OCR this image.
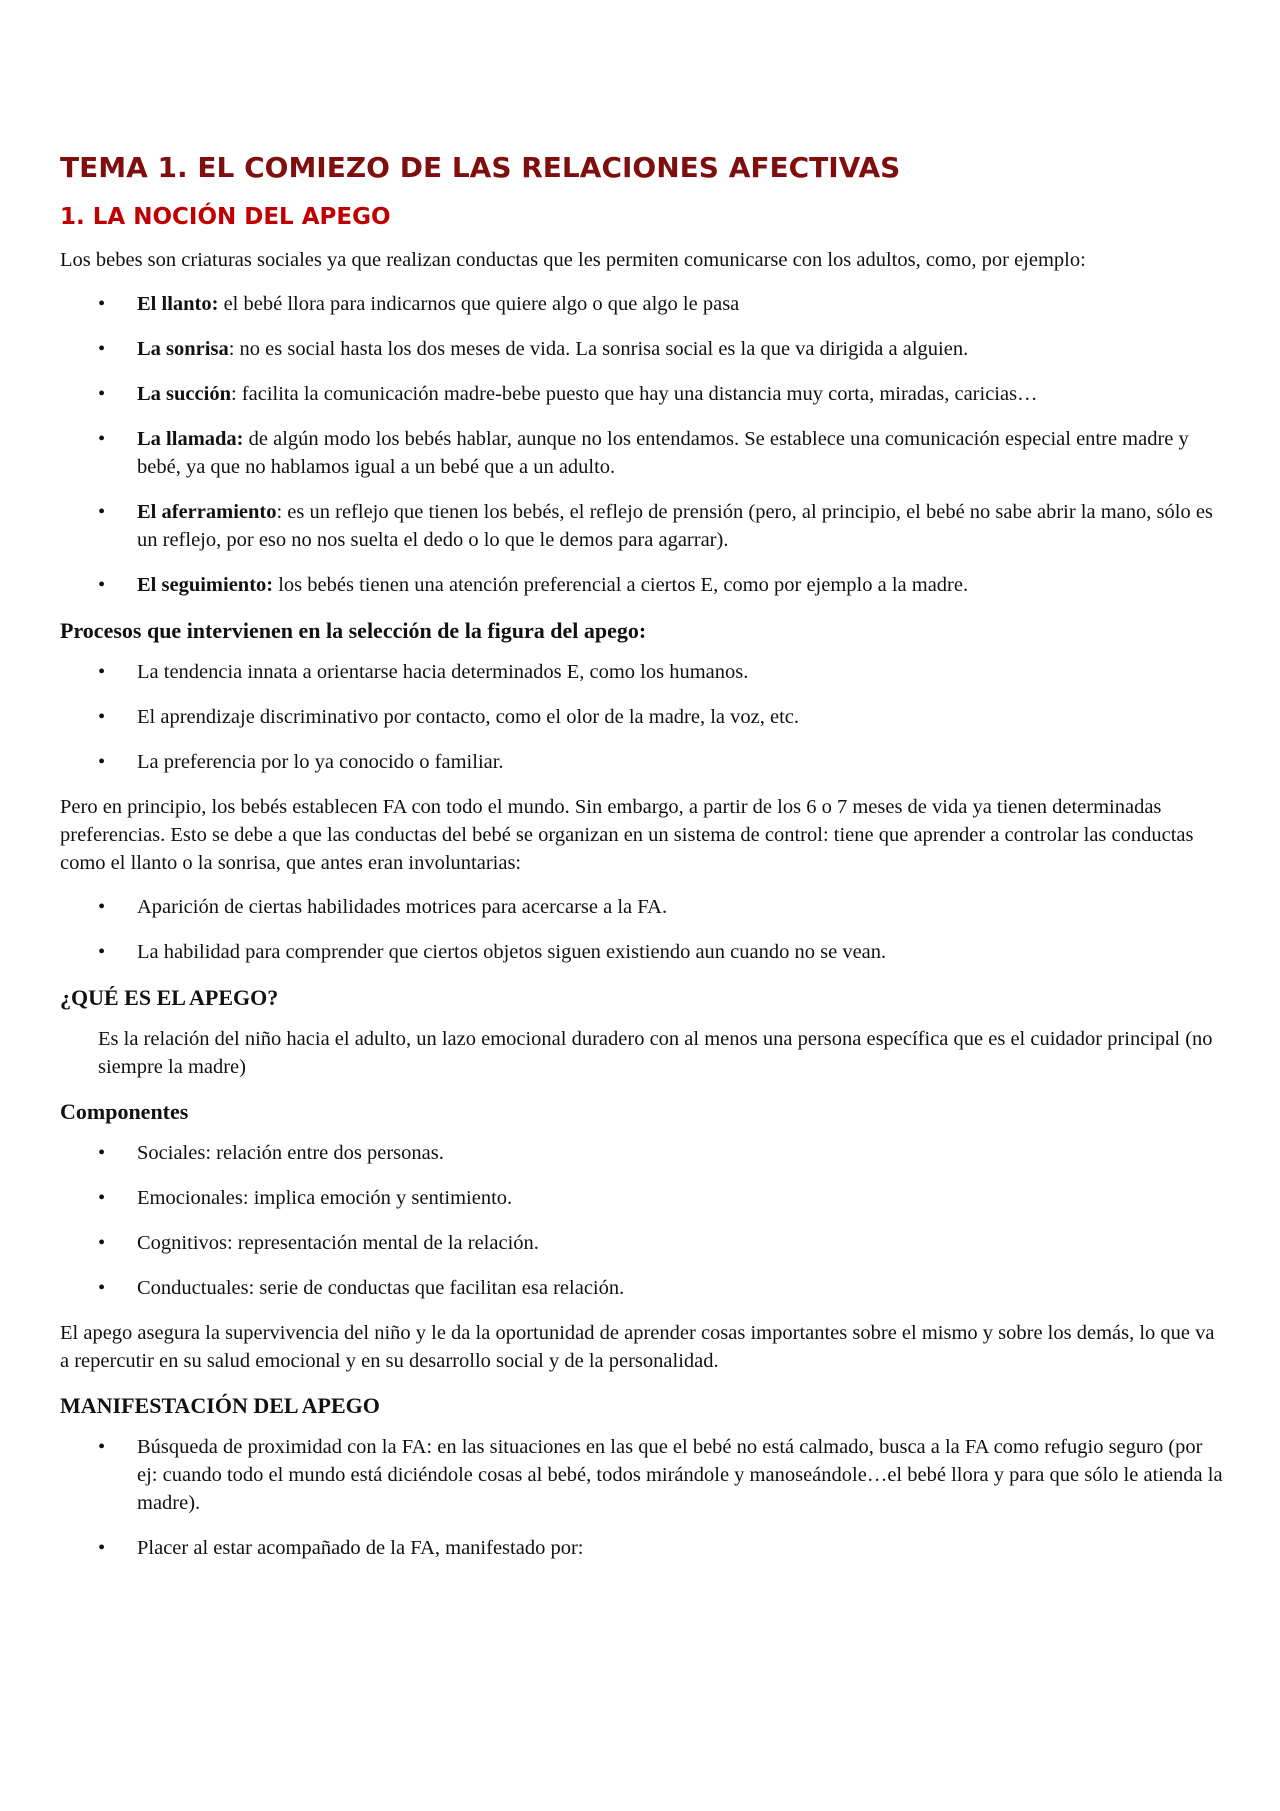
TEMA 1. EL COMIEZO DE LAS RELACIONES AFECTIVAS
1. LA NOCIÓN DEL APEGO

Los bebes son criaturas sociales ya que realizan conductas que les permiten comunicarse con los adultos, como, por ejemplo:

• El llanto: el bebé llora para indicarnos que quiere algo o que algo le pasa
• La sonrisa: no es social hasta los dos meses de vida. La sonrisa social es la que va dirigida a alguien.
• La succión: facilita la comunicación madre-bebe puesto que hay una distancia muy corta, miradas, caricias…
• La llamada: de algún modo los bebés hablar, aunque no los entendamos. Se establece una comunicación especial entre madre y bebé, ya que no hablamos igual a un bebé que a un adulto.
• El aferramiento: es un reflejo que tienen los bebés, el reflejo de prensión (pero, al principio, el bebé no sabe abrir la mano, sólo es un reflejo, por eso no nos suelta el dedo o lo que le demos para agarrar).
• El seguimiento: los bebés tienen una atención preferencial a ciertos E, como por ejemplo a la madre.
Procesos que intervienen en la selección de la figura del apego:
• La tendencia innata a orientarse hacia determinados E, como los humanos.
• El aprendizaje discriminativo por contacto, como el olor de la madre, la voz, etc.
• La preferencia por lo ya conocido o familiar.

Pero en principio, los bebés establecen FA con todo el mundo. Sin embargo, a partir de los 6 o 7 meses de vida ya tienen determinadas preferencias. Esto se debe a que las conductas del bebé se organizan en un sistema de control: tiene que aprender a controlar las conductas como el llanto o la sonrisa, que antes eran involuntarias:

• Aparición de ciertas habilidades motrices para acercarse a la FA.
• La habilidad para comprender que ciertos objetos siguen existiendo aun cuando no se vean.
¿QUÉ ES EL APEGO?

Es la relación del niño hacia el adulto, un lazo emocional duradero con al menos una persona específica que es el cuidador principal (no siempre la madre)

Componentes
• Sociales: relación entre dos personas.
• Emocionales: implica emoción y sentimiento.
• Cognitivos: representación mental de la relación.
• Conductuales: serie de conductas que facilitan esa relación.

El apego asegura la supervivencia del niño y le da la oportunidad de aprender cosas importantes sobre el mismo y sobre los demás, lo que va a repercutir en su salud emocional y en su desarrollo social y de la personalidad.

MANIFESTACIÓN DEL APEGO
• Búsqueda de proximidad con la FA: en las situaciones en las que el bebé no está calmado, busca a la FA como refugio seguro (por ej: cuando todo el mundo está diciéndole cosas al bebé, todos mirándole y manoseándole…el bebé llora y para que sólo le atienda la madre).
• Placer al estar acompañado de la FA, manifestado por:
